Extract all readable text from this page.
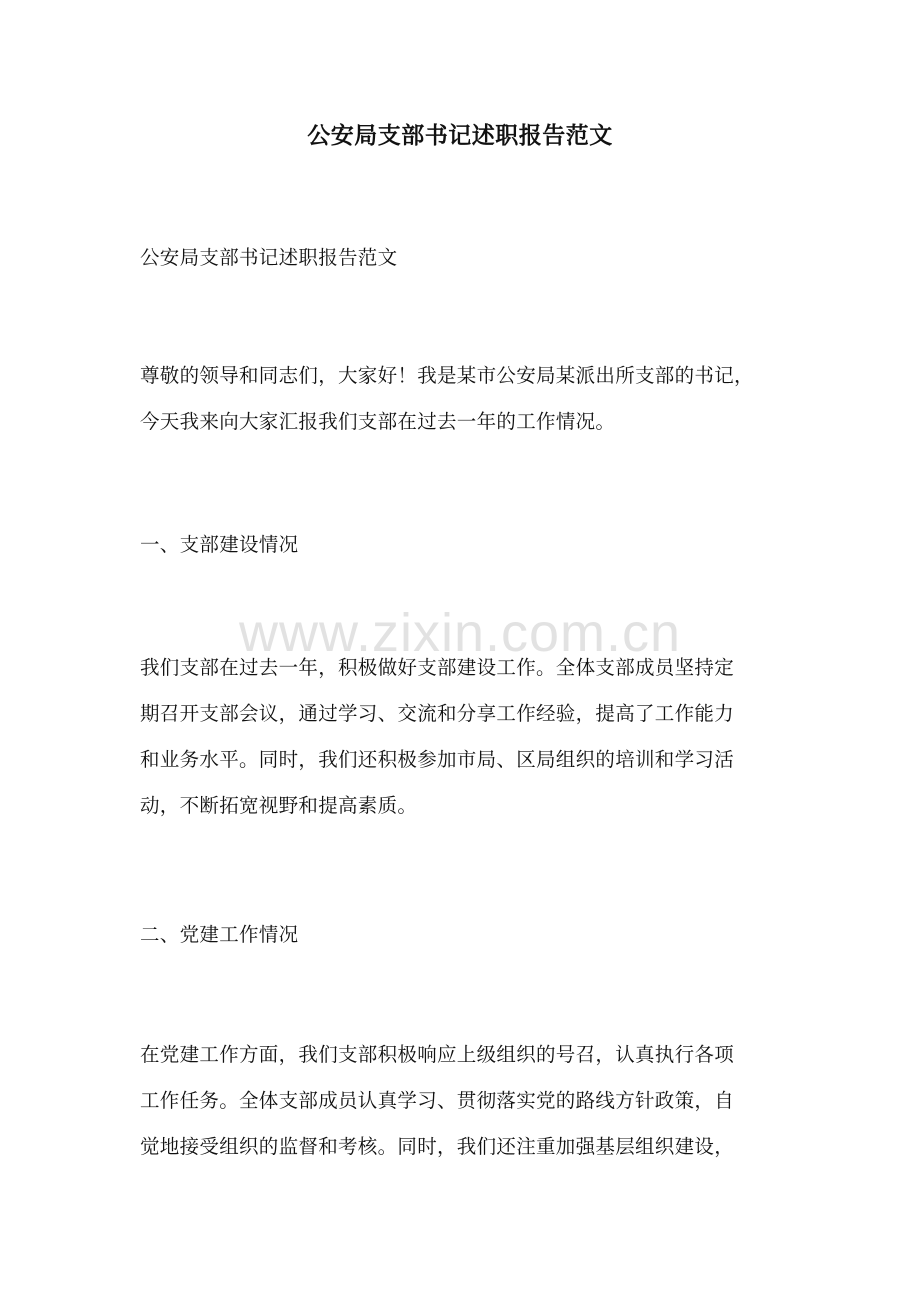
公安局支部书记述职报告范文

公安局支部书记述职报告范文

尊敬的领导和同志们，大家好！我是某市公安局某派出所支部的书记，

今天我来向大家汇报我们支部在过去一年的工作情况。

一、支部建设情况

我们支部在过去一年，积极做好支部建设工作。全体支部成员坚持定

期召开支部会议，通过学习、交流和分享工作经验，提高了工作能力

和业务水平。同时，我们还积极参加市局、区局组织的培训和学习活

动，不断拓宽视野和提高素质。

二、党建工作情况

在党建工作方面，我们支部积极响应上级组织的号召，认真执行各项

工作任务。全体支部成员认真学习、贯彻落实党的路线方针政策，自

觉地接受组织的监督和考核。同时，我们还注重加强基层组织建设，

www.zixin.com.cn
